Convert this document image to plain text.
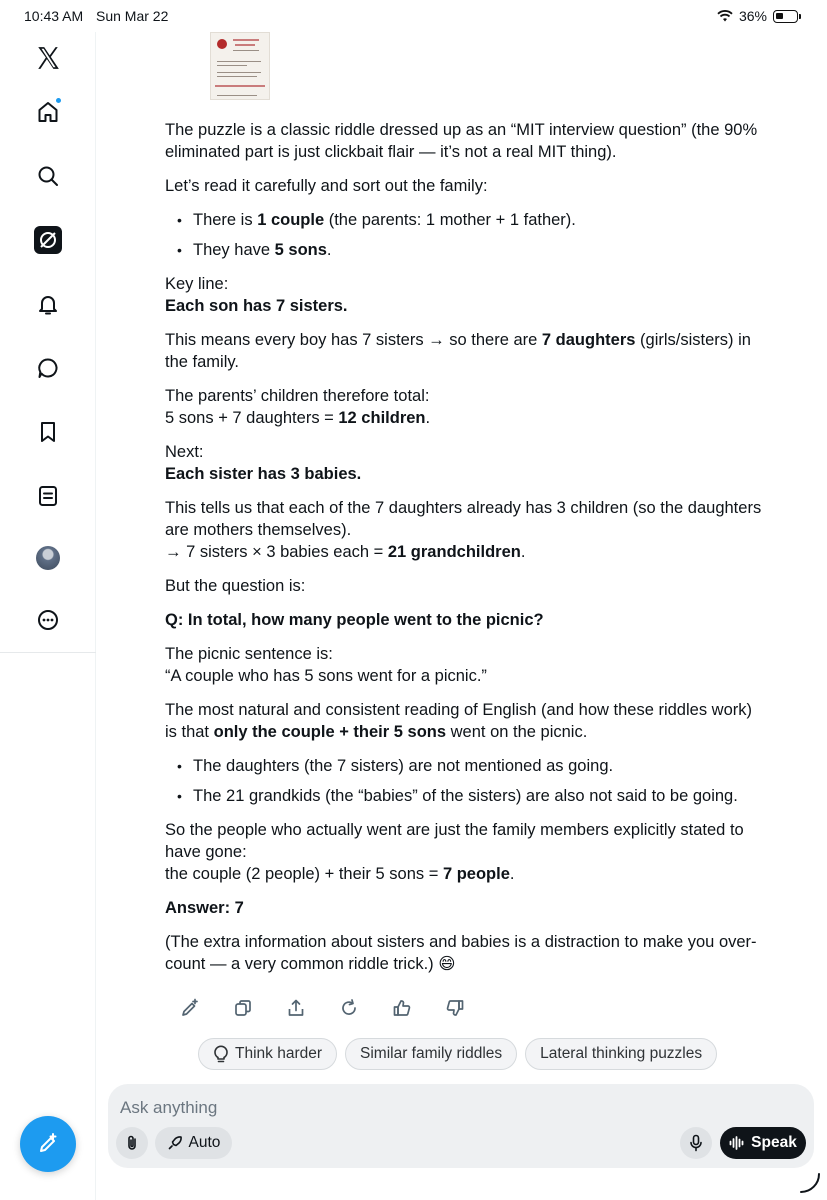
10:43 AM Sun Mar 22	36%

The puzzle is a classic riddle dressed up as an “MIT interview question” (the 90% eliminated part is just clickbait flair — it’s not a real MIT thing).

Let’s read it carefully and sort out the family:

• There is 1 couple (the parents: 1 mother + 1 father).
• They have 5 sons.

Key line:
Each son has 7 sisters.

This means every boy has 7 sisters → so there are 7 daughters (girls/sisters) in the family.

The parents’ children therefore total:
5 sons + 7 daughters = 12 children.

Next:
Each sister has 3 babies.

This tells us that each of the 7 daughters already has 3 children (so the daughters are mothers themselves).
→ 7 sisters × 3 babies each = 21 grandchildren.

But the question is:

Q: In total, how many people went to the picnic?

The picnic sentence is:
“A couple who has 5 sons went for a picnic.”

The most natural and consistent reading of English (and how these riddles work) is that only the couple + their 5 sons went on the picnic.

• The daughters (the 7 sisters) are not mentioned as going.
• The 21 grandkids (the “babies” of the sisters) are also not said to be going.

So the people who actually went are just the family members explicitly stated to have gone:
the couple (2 people) + their 5 sons = 7 people.

Answer: 7

(The extra information about sisters and babies is a distraction to make you over-count — a very common riddle trick.) 😄

Think harder Similar family riddles Lateral thinking puzzles
Ask anything
Auto	Speak
